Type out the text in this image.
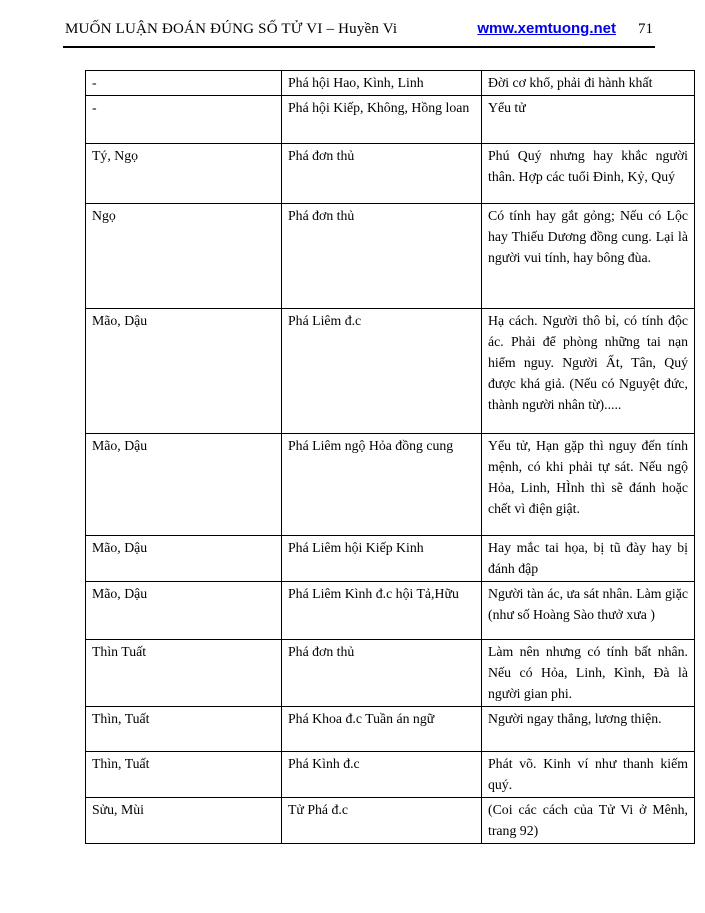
MUỐN LUẬN ĐOÁN ĐÚNG SỐ TỬ VI – Huyền Vi	wmw.xemtuong.net 71
-	Phá hội Hao, Kình, Linh	Đời cơ khổ, phải đi hành khất
-	Phá hội Kiếp, Không, Hồng loan	Yểu tử
Tý, Ngọ	Phá đơn thủ	Phú Quý nhưng hay khắc người thân. Hợp các tuổi Đinh, Kỷ, Quý
Ngọ	Phá đơn thủ	Có tính hay gắt gỏng; Nếu có Lộc hay Thiếu Dương đồng cung. Lại là người vui tính, hay bông đùa.
Mão, Dậu	Phá Liêm đ.c	Hạ cách. Người thô bỉ, có tính độc ác. Phải để phòng những tai nạn hiểm nguy. Người Ất, Tân, Quý được khá giả. (Nếu có Nguyệt đức, thành người nhân từ).....
Mão, Dậu	Phá Liêm ngộ Hỏa đồng cung	Yểu tử, Hạn gặp thì nguy đến tính mệnh, có khi phải tự sát. Nếu ngộ Hỏa, Linh, HÌnh thì sẽ đánh hoặc chết vì điện giật.
Mão, Dậu	Phá Liêm hội Kiếp Kinh	Hay mắc tai họa, bị tũ đày hay bị đánh đập
Mão, Dậu	Phá Liêm Kình đ.c hội Tả,Hữu	Người tàn ác, ưa sát nhân. Làm giặc (như số Hoàng Sào thưở xưa )
Thìn Tuất	Phá đơn thủ	Làm nên nhưng có tính bất nhân. Nếu có Hỏa, Linh, Kình, Đà là người gian phi.
Thìn, Tuất	Phá Khoa đ.c Tuần án ngữ	Người ngay thẳng, lương thiện.
Thìn, Tuất	Phá Kình đ.c	Phát võ. Kinh ví như thanh kiếm quý.
Sửu, Mùi	Tử Phá đ.c	(Coi các cách của Tử Vi ở Mênh, trang 92)
